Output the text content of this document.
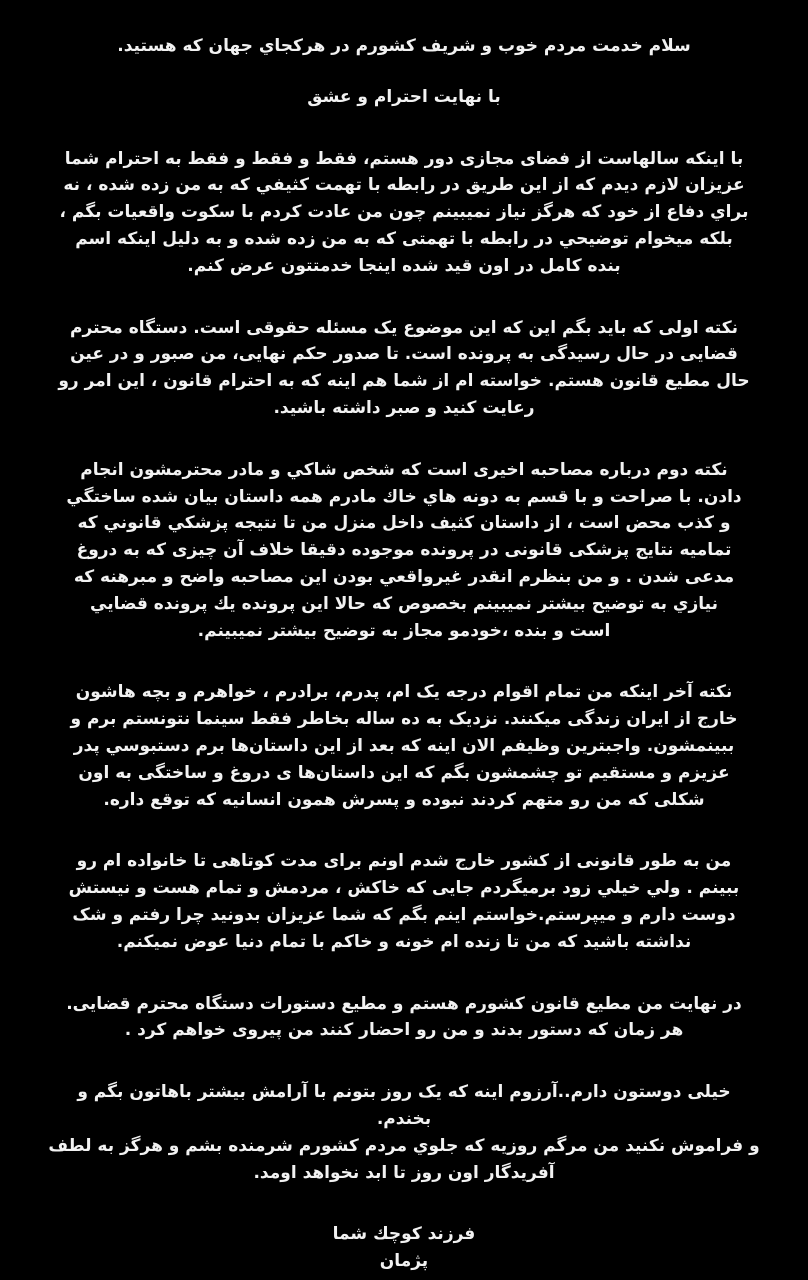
سلام خدمت مردم خوب و شریف کشورم در هرکجاي جهان که هستید.
با نهایت احترام و عشق
با اینکه سالهاست از فضای مجازی دور هستم، فقط و فقط و فقط به احترام شما
عزیزان لازم دیدم که از این طریق در رابطه با تهمت کثیفي که به من زده شده ، نه
براي دفاع از خود که هرگز نیاز نمیبینم چون من عادت کردم با سکوت واقعیات بگم ،
بلکه میخوام توضیحي در رابطه با تهمتی که به من زده شده و به دلیل اینکه اسم
بنده کامل در اون قید شده اینجا خدمتتون عرض کنم.
نکته اولی که باید بگم این که این موضوع یک مسئله حقوقی است. دستگاه محترم
قضایی در حال رسیدگی به پرونده است. تا صدور حکم نهایی، من صبور و در عین
حال مطیع قانون هستم. خواسته ام از شما هم اینه که به احترام قانون ، این امر رو
رعایت کنید و صبر داشته باشید.
نکته دوم درباره مصاحبه اخیری است که شخص شاكي و مادر محترمشون انجام
دادن. با صراحت و با قسم به دونه هاي خاك مادرم همه داستان بیان شده ساختگي
و كذب محض است ، از داستان كثیف داخل منزل من تا نتیجه پزشكي قانوني كه
تمامیه نتایج پزشکی قانونی در پرونده موجوده دقیقا خلاف آن چیزی که به دروغ
مدعی شدن . و من بنظرم انقدر غیرواقعي بودن این مصاحبه واضح و مبرهنه که
نیازي به توضیح بیشتر نمیبینم بخصوص که حالا این پرونده يك پرونده قضایي
است و بنده ،خودمو مجاز به توضیح بیشتر نمیبینم.
نکته آخر اینکه من تمام اقوام درجه یک ام، پدرم، برادرم ، خواهرم و بچه هاشون
خارج از ایران زندگی میکنند. نزدیک به ده ساله بخاطر فقط سینما نتونستم برم و
ببینمشون. واجبترین وظیفم الان اینه که بعد از این داستان‌ها برم دستبوسي پدر
عزیزم و مستقیم تو چشمشون بگم که این داستان‌ها ی دروغ و ساختگی به اون
شکلی که من رو متهم کردند نبوده و پسرش همون انسانیه که توقع داره.
من به طور قانونی از کشور خارج شدم اونم برای مدت کوتاهی تا خانواده ام رو
ببینم . ولي خیلي زود برمیگردم جایی که خاکش ، مردمش و تمام هست و نیستش
دوست دارم و میپرستم.خواستم اینم بگم که شما عزیزان بدونید چرا رفتم و شک
نداشته باشید که من تا زنده ام خونه و خاکم با تمام دنیا عوض نمیکنم.
در نهایت من مطیع قانون کشورم هستم و مطیع دستورات دستگاه محترم قضایی.
هر زمان که دستور بدند و من رو احضار کنند من پیروی خواهم کرد .
خیلی دوستون دارم..آرزوم اینه که یک روز بتونم با آرامش بیشتر باهاتون بگم و
بخندم.
و فراموش نکنید من مرگم روزیه که جلوي مردم کشورم شرمنده بشم و هرگز به لطف
آفریدگار اون روز تا ابد نخواهد اومد.
فرزند كوچك شما
پژمان
